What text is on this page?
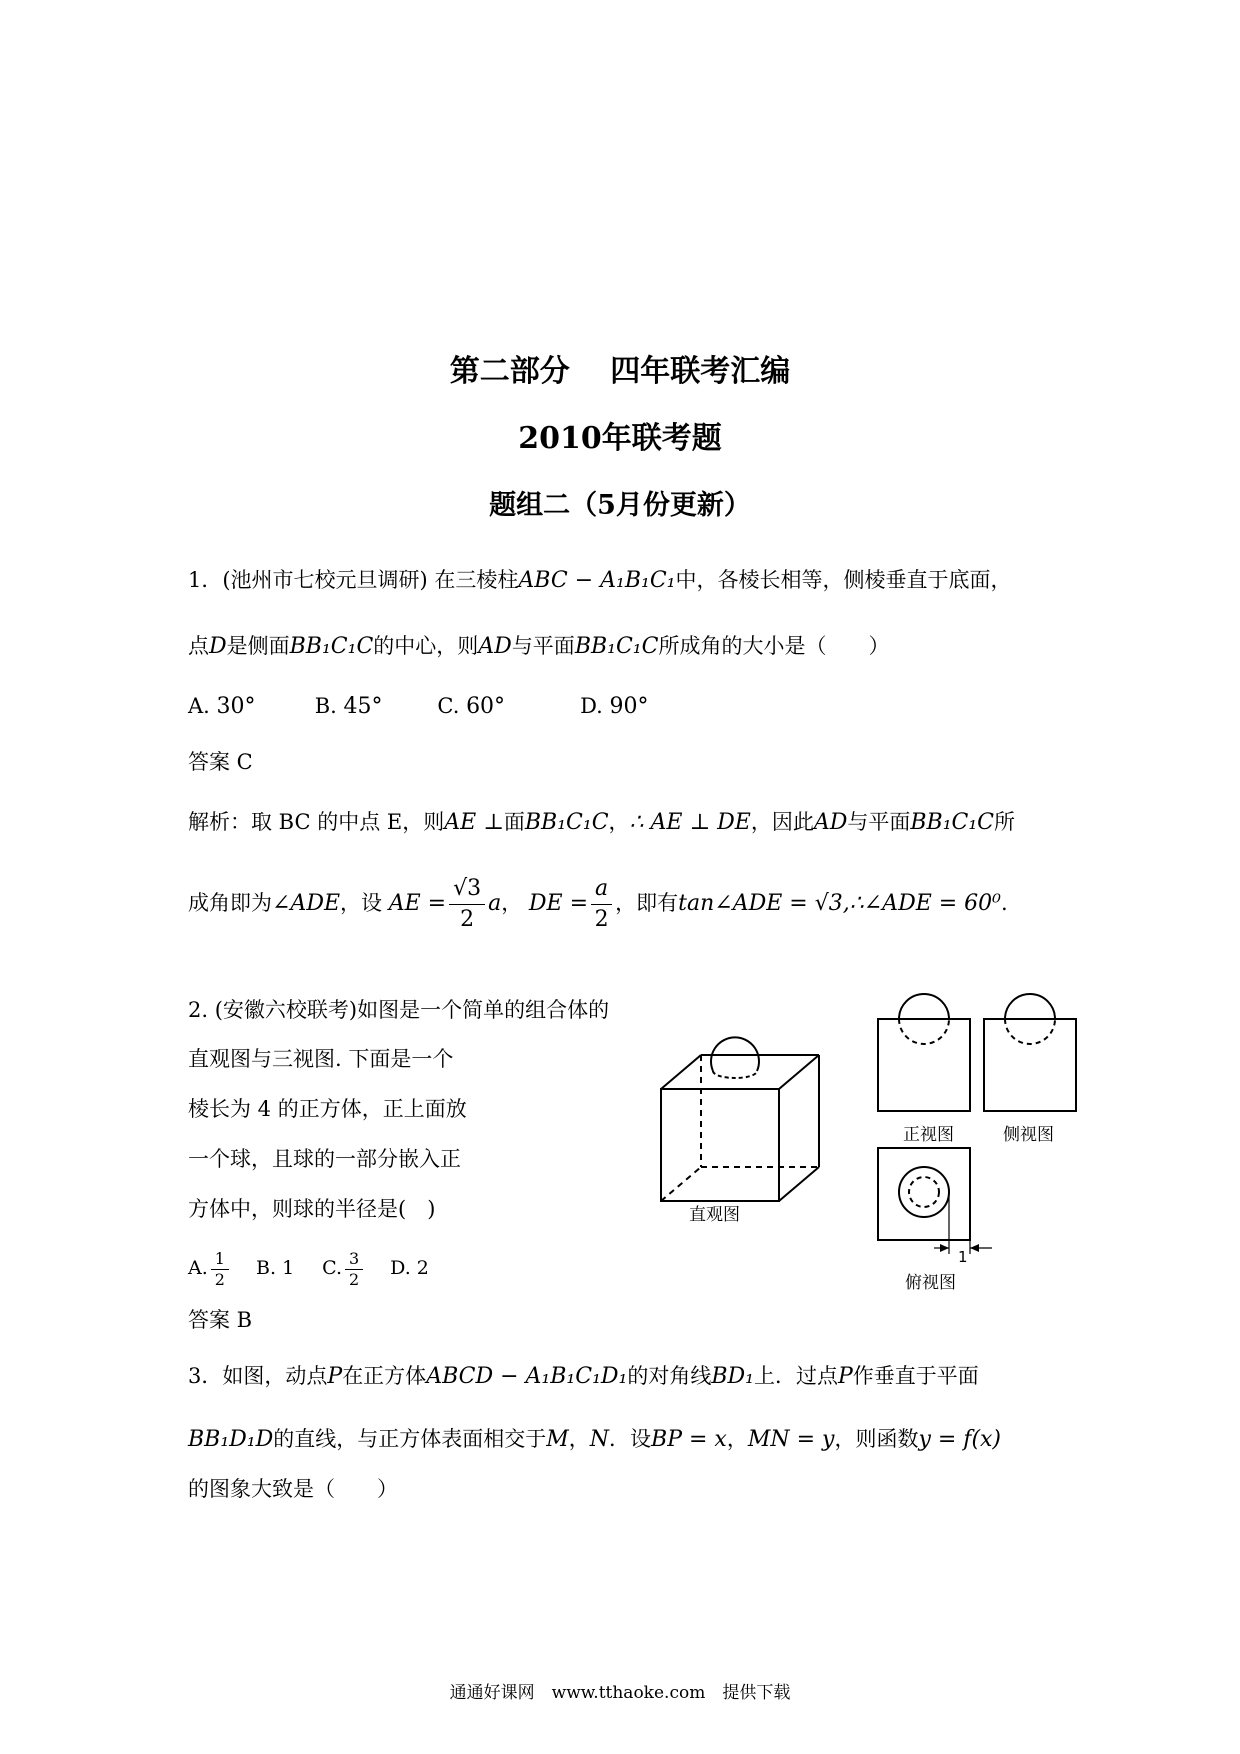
第二部分　 四年联考汇编
2010年联考题
题组二（5月份更新）
1．(池州市七校元旦调研) 在三棱柱ABC − A₁B₁C₁中，各棱长相等，侧棱垂直于底面，
点D是侧面BB₁C₁C的中心，则AD与平面BB₁C₁C所成角的大小是（　　）
A. 30°	B. 45°	C. 60°	D. 90°
答案 C
解析：取 BC 的中点 E，则AE ⊥面BB₁C₁C，∴ AE ⊥ DE，因此AD与平面BB₁C₁C所
成角即为∠ADE，设 AE = $\frac{√3}{2}$ a， DE = $\frac{a}{2}$ ，即有tan∠ADE = √3,∴∠ADE = 60⁰.
2. (安徽六校联考)如图是一个简单的组合体的
直观图与三视图. 下面是一个
棱长为 4 的正方体，正上面放
一个球，且球的一部分嵌入正
方体中，则球的半径是(　)
A. $\frac{1}{2} B$. 1 C. $\frac{3}{2} D$. 2
答案 B
直观图
正视图	侧视图
1
俯视图
3．如图，动点P在正方体ABCD − A₁B₁C₁D₁的对角线BD₁上．过点P作垂直于平面
BB₁D₁D的直线，与正方体表面相交于M，N．设BP = x，MN = y，则函数y = f(x)
的图象大致是（　　）
通通好课网　www.tthaoke.com　提供下载
